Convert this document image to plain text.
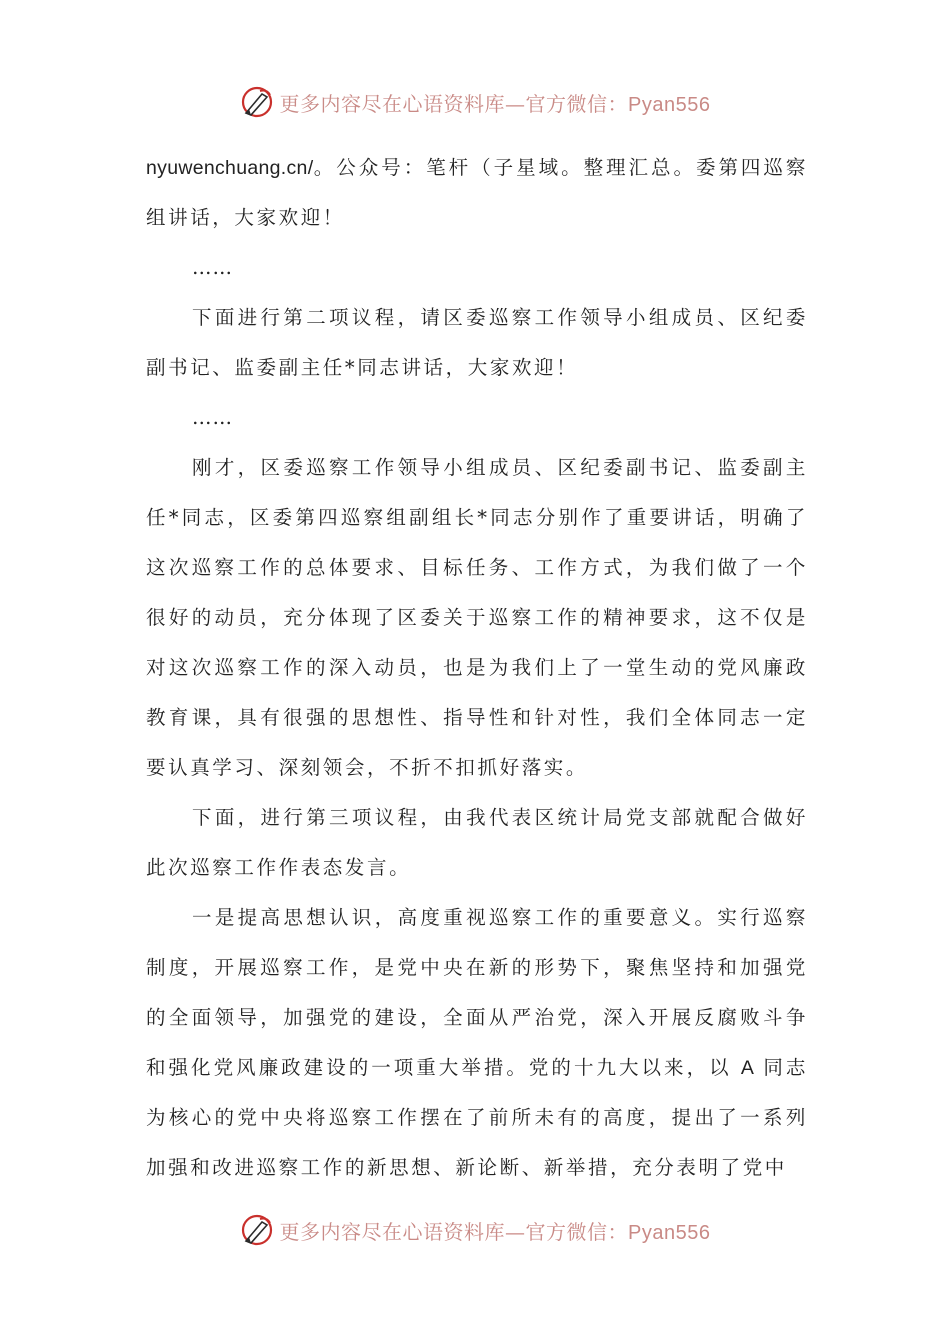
更多内容尽在心语资料库—官方微信：Pyan556

nyuwenchuang.cn/。公众号：笔杆（子星域。整理汇总。委第四巡察组讲话，大家欢迎！

……

下面进行第二项议程，请区委巡察工作领导小组成员、区纪委副书记、监委副主任*同志讲话，大家欢迎！

……

刚才，区委巡察工作领导小组成员、区纪委副书记、监委副主任*同志，区委第四巡察组副组长*同志分别作了重要讲话，明确了这次巡察工作的总体要求、目标任务、工作方式，为我们做了一个很好的动员，充分体现了区委关于巡察工作的精神要求，这不仅是对这次巡察工作的深入动员，也是为我们上了一堂生动的党风廉政教育课，具有很强的思想性、指导性和针对性，我们全体同志一定要认真学习、深刻领会，不折不扣抓好落实。

下面，进行第三项议程，由我代表区统计局党支部就配合做好此次巡察工作作表态发言。

一是提高思想认识，高度重视巡察工作的重要意义。实行巡察制度，开展巡察工作，是党中央在新的形势下，聚焦坚持和加强党的全面领导，加强党的建设，全面从严治党，深入开展反腐败斗争和强化党风廉政建设的一项重大举措。党的十九大以来，以 A 同志为核心的党中央将巡察工作摆在了前所未有的高度，提出了一系列加强和改进巡察工作的新思想、新论断、新举措，充分表明了党中

更多内容尽在心语资料库—官方微信：Pyan556
